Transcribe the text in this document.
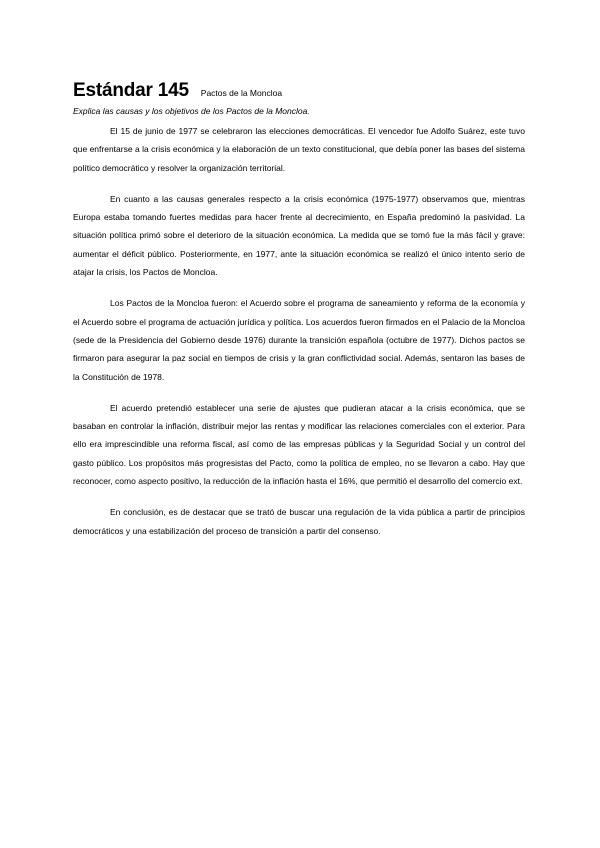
Estándar 145 Pactos de la Moncloa

Explica las causas y los objetivos de los Pactos de la Moncloa.

El 15 de junio de 1977 se celebraron las elecciones democráticas. El vencedor fue Adolfo Suárez, este tuvo que enfrentarse a la crisis económica y la elaboración de un texto constitucional, que debía poner las bases del sistema político democrático y resolver la organización territorial.

En cuanto a las causas generales respecto a la crisis económica (1975-1977) observamos que, mientras Europa estaba tomando fuertes medidas para hacer frente al decrecimiento, en España predominó la pasividad. La situación política primó sobre el deterioro de la situación económica. La medida que se tomó fue la más fácil y grave: aumentar el déficit público. Posteriormente, en 1977, ante la situación económica se realizó el único intento serio de atajar la crisis, los Pactos de Moncloa.

Los Pactos de la Moncloa fueron: el Acuerdo sobre el programa de saneamiento y reforma de la economía y el Acuerdo sobre el programa de actuación jurídica y política. Los acuerdos fueron firmados en el Palacio de la Moncloa (sede de la Presidencia del Gobierno desde 1976) durante la transición española (octubre de 1977). Dichos pactos se firmaron para asegurar la paz social en tiempos de crisis y la gran conflictividad social. Además, sentaron las bases de la Constitución de 1978.

El acuerdo pretendió establecer una serie de ajustes que pudieran atacar a la crisis económica, que se basaban en controlar la inflación, distribuir mejor las rentas y modificar las relaciones comerciales con el exterior. Para ello era imprescindible una reforma fiscal, así como de las empresas públicas y la Seguridad Social y un control del gasto público. Los propósitos más progresistas del Pacto, como la política de empleo, no se llevaron a cabo. Hay que reconocer, como aspecto positivo, la reducción de la inflación hasta el 16%, que permitió el desarrollo del comercio ext.

En conclusión, es de destacar que se trató de buscar una regulación de la vida pública a partir de principios democráticos y una estabilización del proceso de transición a partir del consenso.
